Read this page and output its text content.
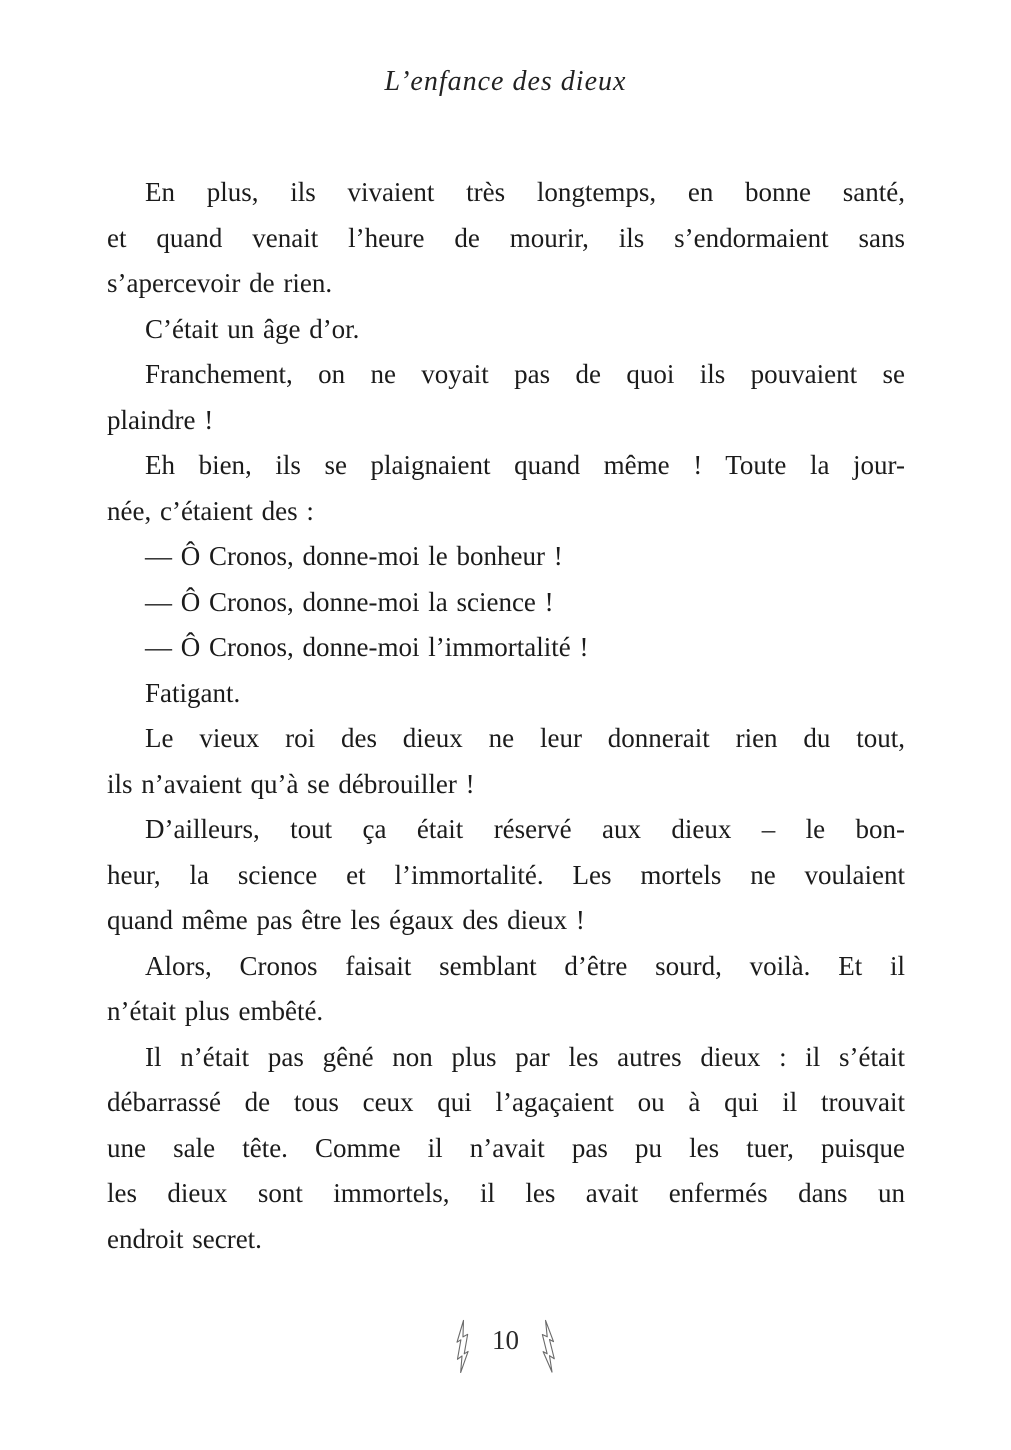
L’enfance des dieux
En plus, ils vivaient très longtemps, en bonne santé,
et quand venait l’heure de mourir, ils s’endormaient sans
s’apercevoir de rien.
C’était un âge d’or.
Franchement, on ne voyait pas de quoi ils pouvaient se
plaindre !
Eh bien, ils se plaignaient quand même ! Toute la jour-
née, c’étaient des :
— Ô Cronos, donne-moi le bonheur !
— Ô Cronos, donne-moi la science !
— Ô Cronos, donne-moi l’immortalité !
Fatigant.
Le vieux roi des dieux ne leur donnerait rien du tout,
ils n’avaient qu’à se débrouiller !
D’ailleurs, tout ça était réservé aux dieux – le bon-
heur, la science et l’immortalité. Les mortels ne voulaient
quand même pas être les égaux des dieux !
Alors, Cronos faisait semblant d’être sourd, voilà. Et il
n’était plus embêté.
Il n’était pas gêné non plus par les autres dieux : il s’était
débarrassé de tous ceux qui l’agaçaient ou à qui il trouvait
une sale tête. Comme il n’avait pas pu les tuer, puisque
les dieux sont immortels, il les avait enfermés dans un
endroit secret.
10
